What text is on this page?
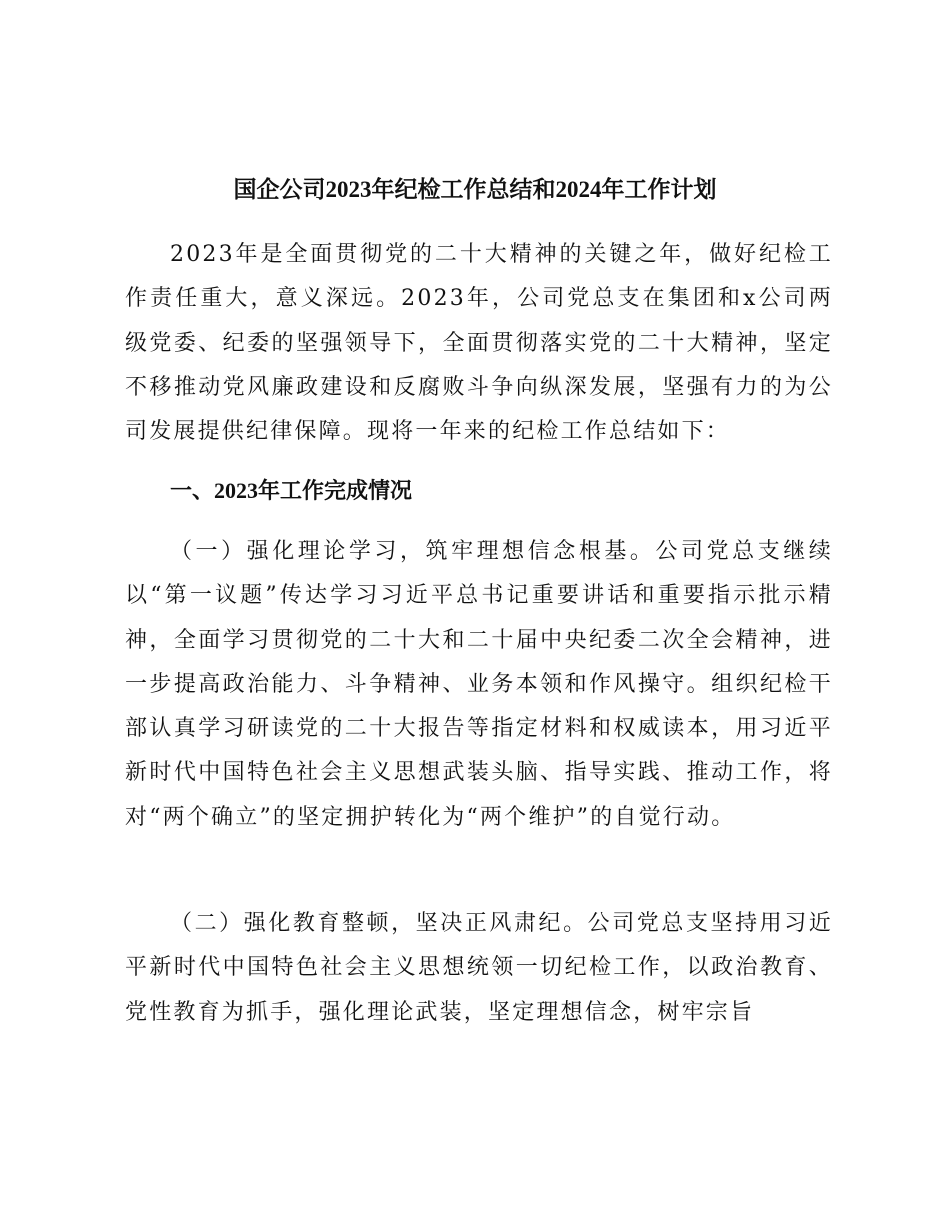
国企公司2023年纪检工作总结和2024年工作计划

2023年是全面贯彻党的二十大精神的关键之年，做好纪检工作责任重大，意义深远。2023年，公司党总支在集团和x公司两级党委、纪委的坚强领导下，全面贯彻落实党的二十大精神，坚定不移推动党风廉政建设和反腐败斗争向纵深发展，坚强有力的为公司发展提供纪律保障。现将一年来的纪检工作总结如下：

一、2023年工作完成情况

（一）强化理论学习，筑牢理想信念根基。公司党总支继续以“第一议题”传达学习习近平总书记重要讲话和重要指示批示精神，全面学习贯彻党的二十大和二十届中央纪委二次全会精神，进一步提高政治能力、斗争精神、业务本领和作风操守。组织纪检干部认真学习研读党的二十大报告等指定材料和权威读本，用习近平新时代中国特色社会主义思想武装头脑、指导实践、推动工作，将对“两个确立”的坚定拥护转化为“两个维护”的自觉行动。

（二）强化教育整顿，坚决正风肃纪。公司党总支坚持用习近平新时代中国特色社会主义思想统领一切纪检工作，以政治教育、党性教育为抓手，强化理论武装，坚定理想信念，树牢宗旨
